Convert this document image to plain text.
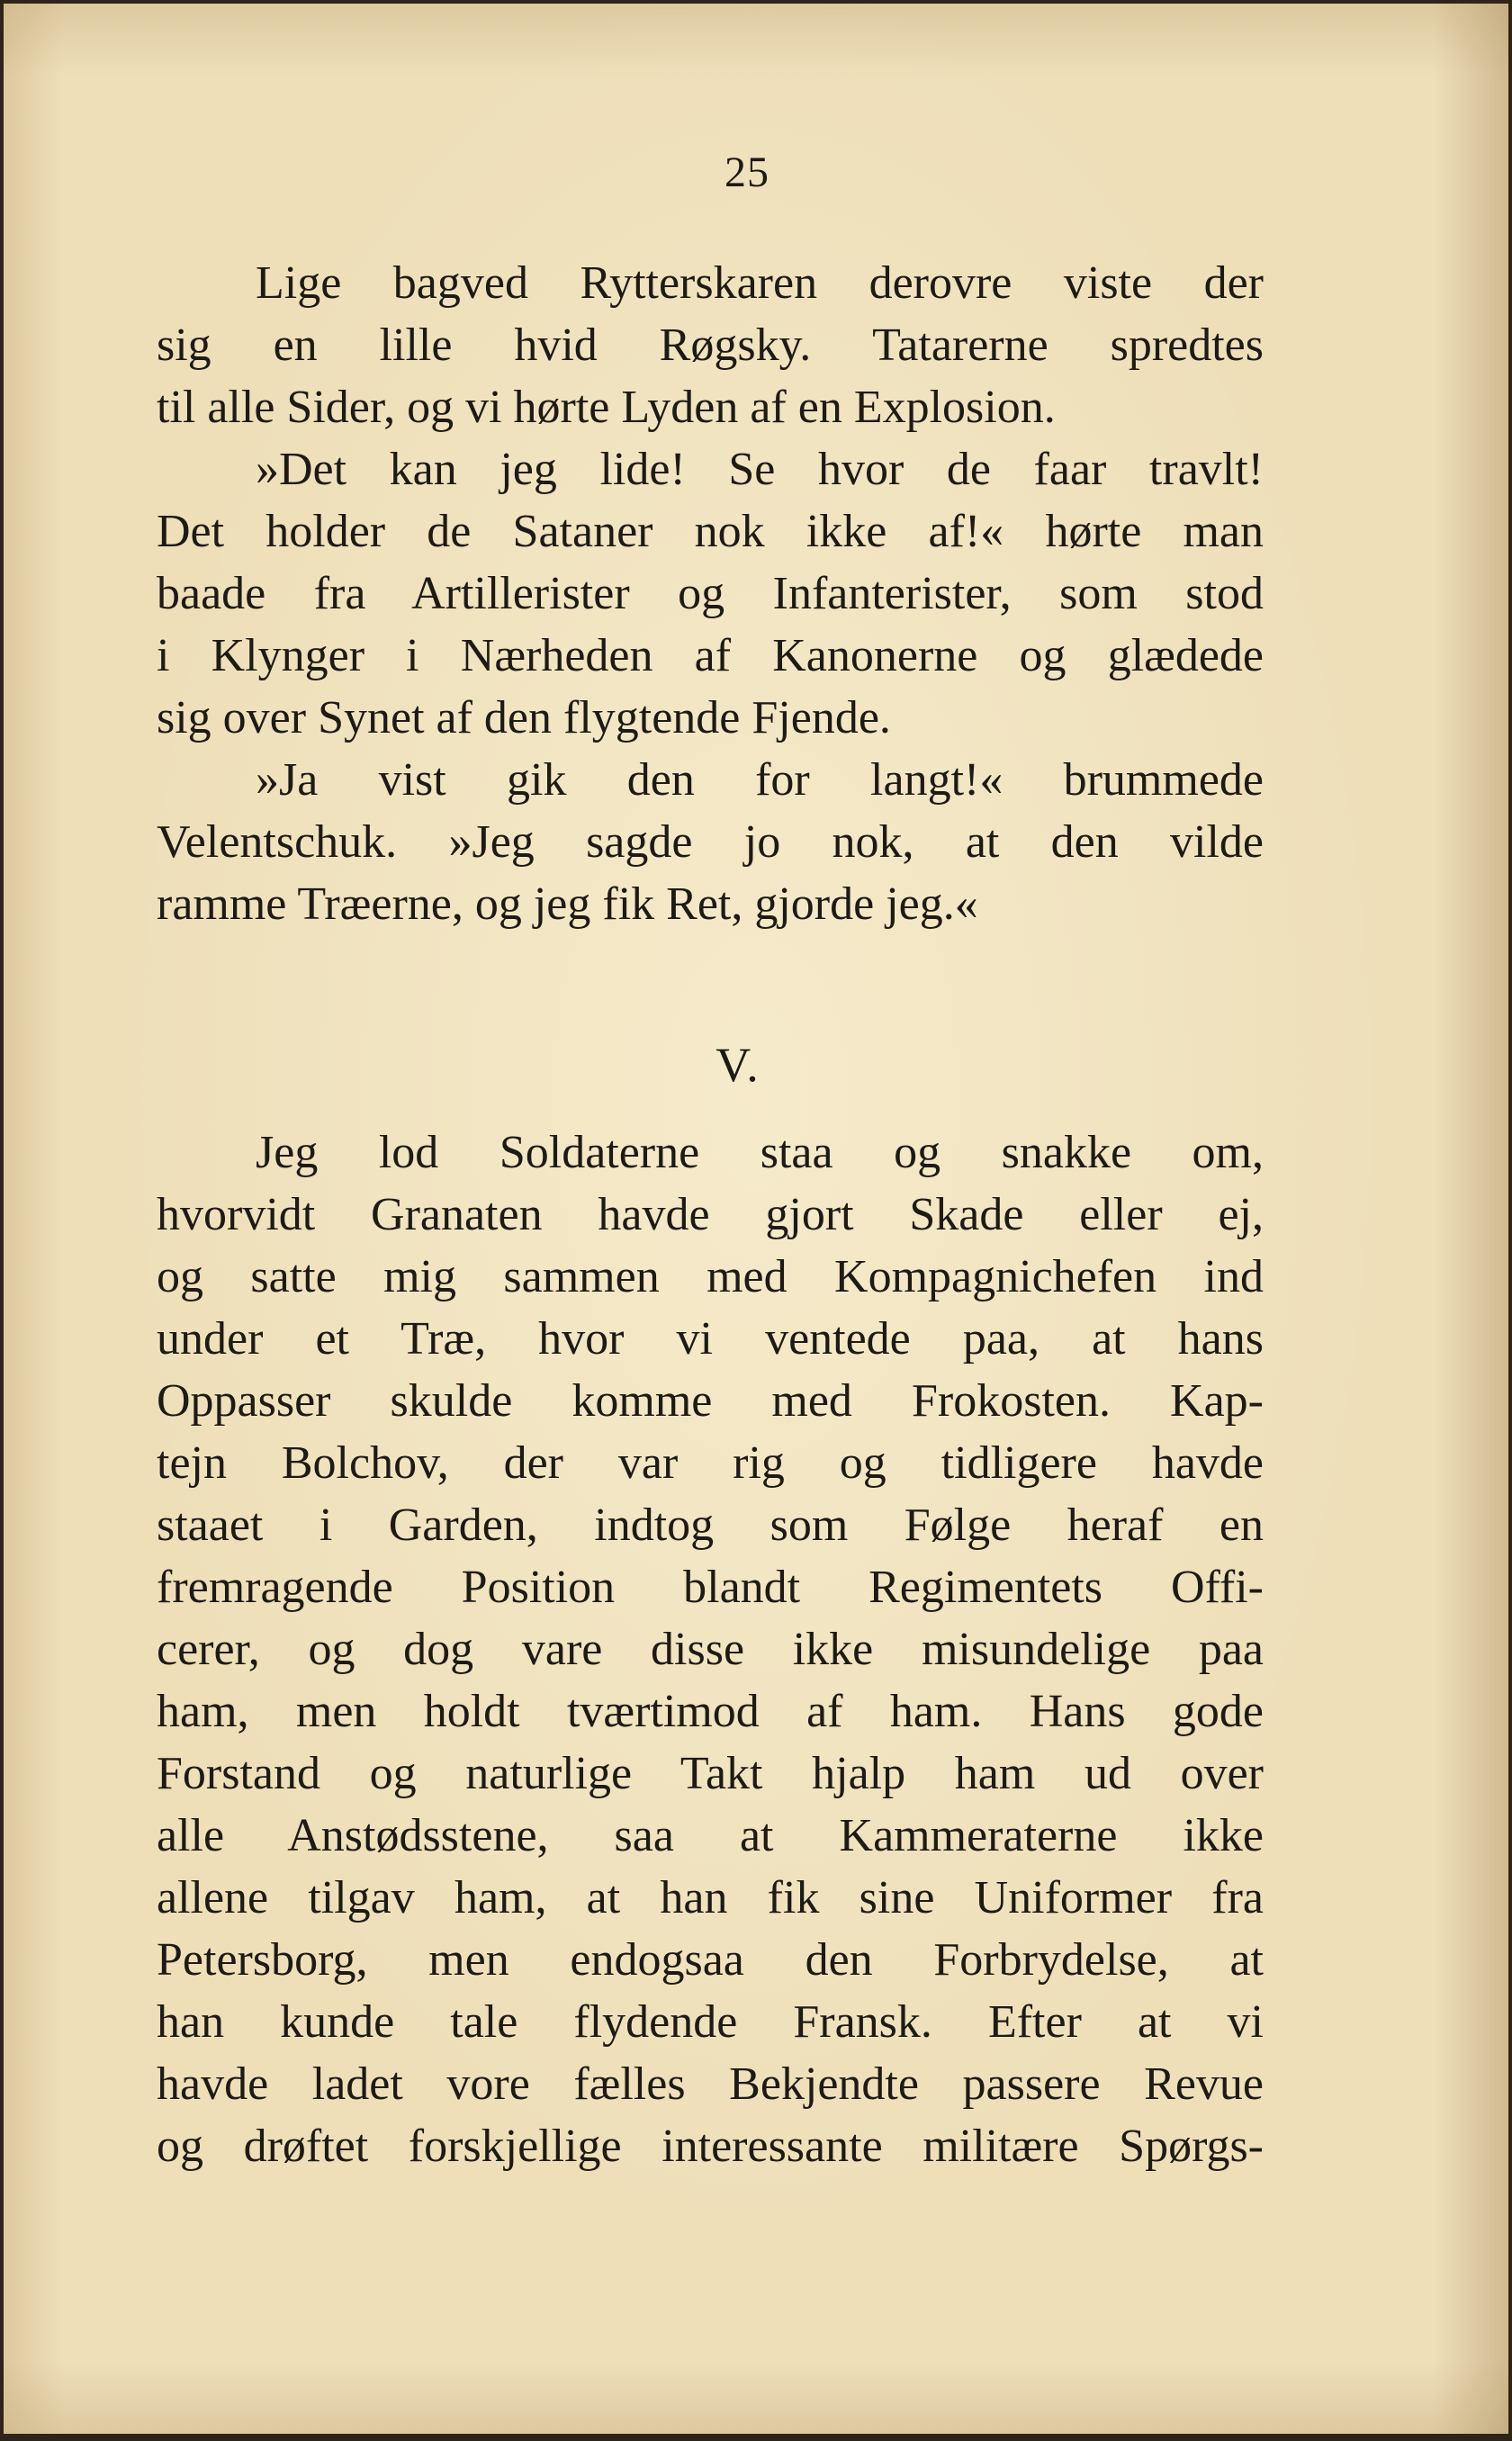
25
Lige bagved Rytterskaren derovre viste der
sig en lille hvid Røgsky. Tatarerne spredtes
til alle Sider, og vi hørte Lyden af en Explosion.
»Det kan jeg lide! Se hvor de faar travlt!
Det holder de Sataner nok ikke af!« hørte man
baade fra Artillerister og Infanterister, som stod
i Klynger i Nærheden af Kanonerne og glædede
sig over Synet af den flygtende Fjende.
»Ja vist gik den for langt!« brummede
Velentschuk. »Jeg sagde jo nok, at den vilde
ramme Træerne, og jeg fik Ret, gjorde jeg.«
V.
Jeg lod Soldaterne staa og snakke om,
hvorvidt Granaten havde gjort Skade eller ej,
og satte mig sammen med Kompagnichefen ind
under et Træ, hvor vi ventede paa, at hans
Oppasser skulde komme med Frokosten. Kap-
tejn Bolchov, der var rig og tidligere havde
staaet i Garden, indtog som Følge heraf en
fremragende Position blandt Regimentets Offi-
cerer, og dog vare disse ikke misundelige paa
ham, men holdt tværtimod af ham. Hans gode
Forstand og naturlige Takt hjalp ham ud over
alle Anstødsstene, saa at Kammeraterne ikke
allene tilgav ham, at han fik sine Uniformer fra
Petersborg, men endogsaa den Forbrydelse, at
han kunde tale flydende Fransk. Efter at vi
havde ladet vore fælles Bekjendte passere Revue
og drøftet forskjellige interessante militære Spørgs-
